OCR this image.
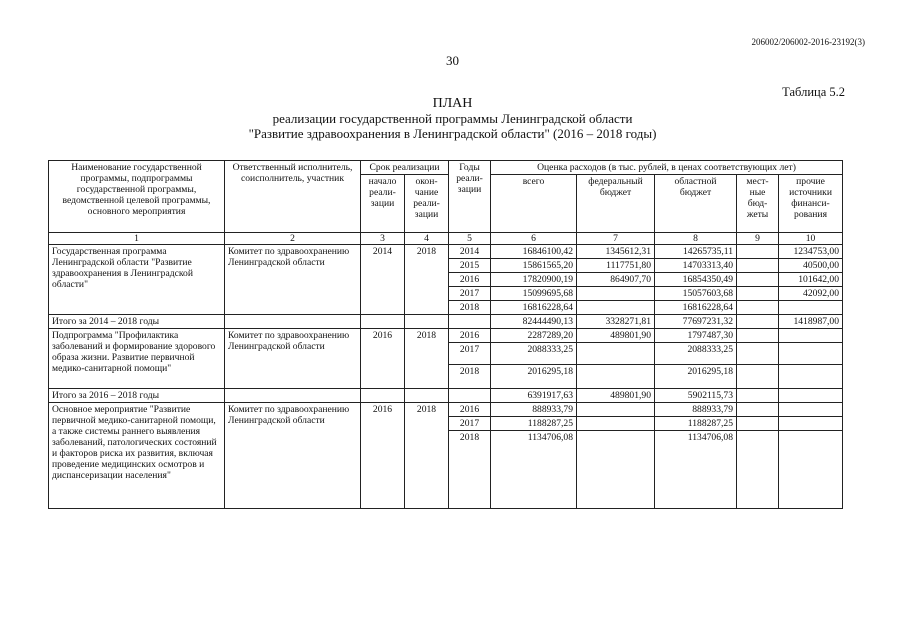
206002/206002-2016-23192(3)
30
Таблица 5.2
ПЛАН
реализации государственной программы Ленинградской области
"Развитие здравоохранения в Ленинградской области" (2016 – 2018 годы)
Наименование государственной программы, подпрограммы государственной программы, ведомственной целевой программы, основного мероприятия	Ответственный исполнитель, соисполнитель, участник	Срок реализации		Годы реали-зации	Оценка расходов (в тыс. рублей, в ценах соответствующих лет)				
		начало реали-зации	окон-чание реали-зации		всего	федеральный бюджет	областной бюджет	мест-ные бюд-жеты	прочие источники финанси-рования
1	2	3	4	5	6	7	8	9	10
Государственная программа Ленинградской области "Развитие здравоохранения в Ленинградской области"	Комитет по здравоохранению Ленинградской области	2014	2018	2014	16846100,42	1345612,31	14265735,11		1234753,00
				2015	15861565,20	1117751,80	14703313,40		40500,00
				2016	17820900,19	864907,70	16854350,49		101642,00
				2017	15099695,68		15057603,68		42092,00
				2018	16816228,64		16816228,64		
Итого за 2014 – 2018 годы					82444490,13	3328271,81	77697231,32		1418987,00
Подпрограмма "Профилактика заболеваний и формирование здорового образа жизни. Развитие первичной медико-санитарной помощи"	Комитет по здравоохранению Ленинградской области	2016	2018	2016	2287289,20	489801,90	1797487,30		
				2017	2088333,25		2088333,25		
				2018	2016295,18		2016295,18		
Итого за 2016 – 2018 годы					6391917,63	489801,90	5902115,73		
Основное мероприятие "Развитие первичной медико-санитарной помощи, а также системы раннего выявления заболеваний, патологических состояний и факторов риска их развития, включая проведение медицинских осмотров и диспансеризации населения"	Комитет по здравоохранению Ленинградской области	2016	2018	2016	888933,79		888933,79		
				2017	1188287,25		1188287,25		
				2018	1134706,08		1134706,08		
